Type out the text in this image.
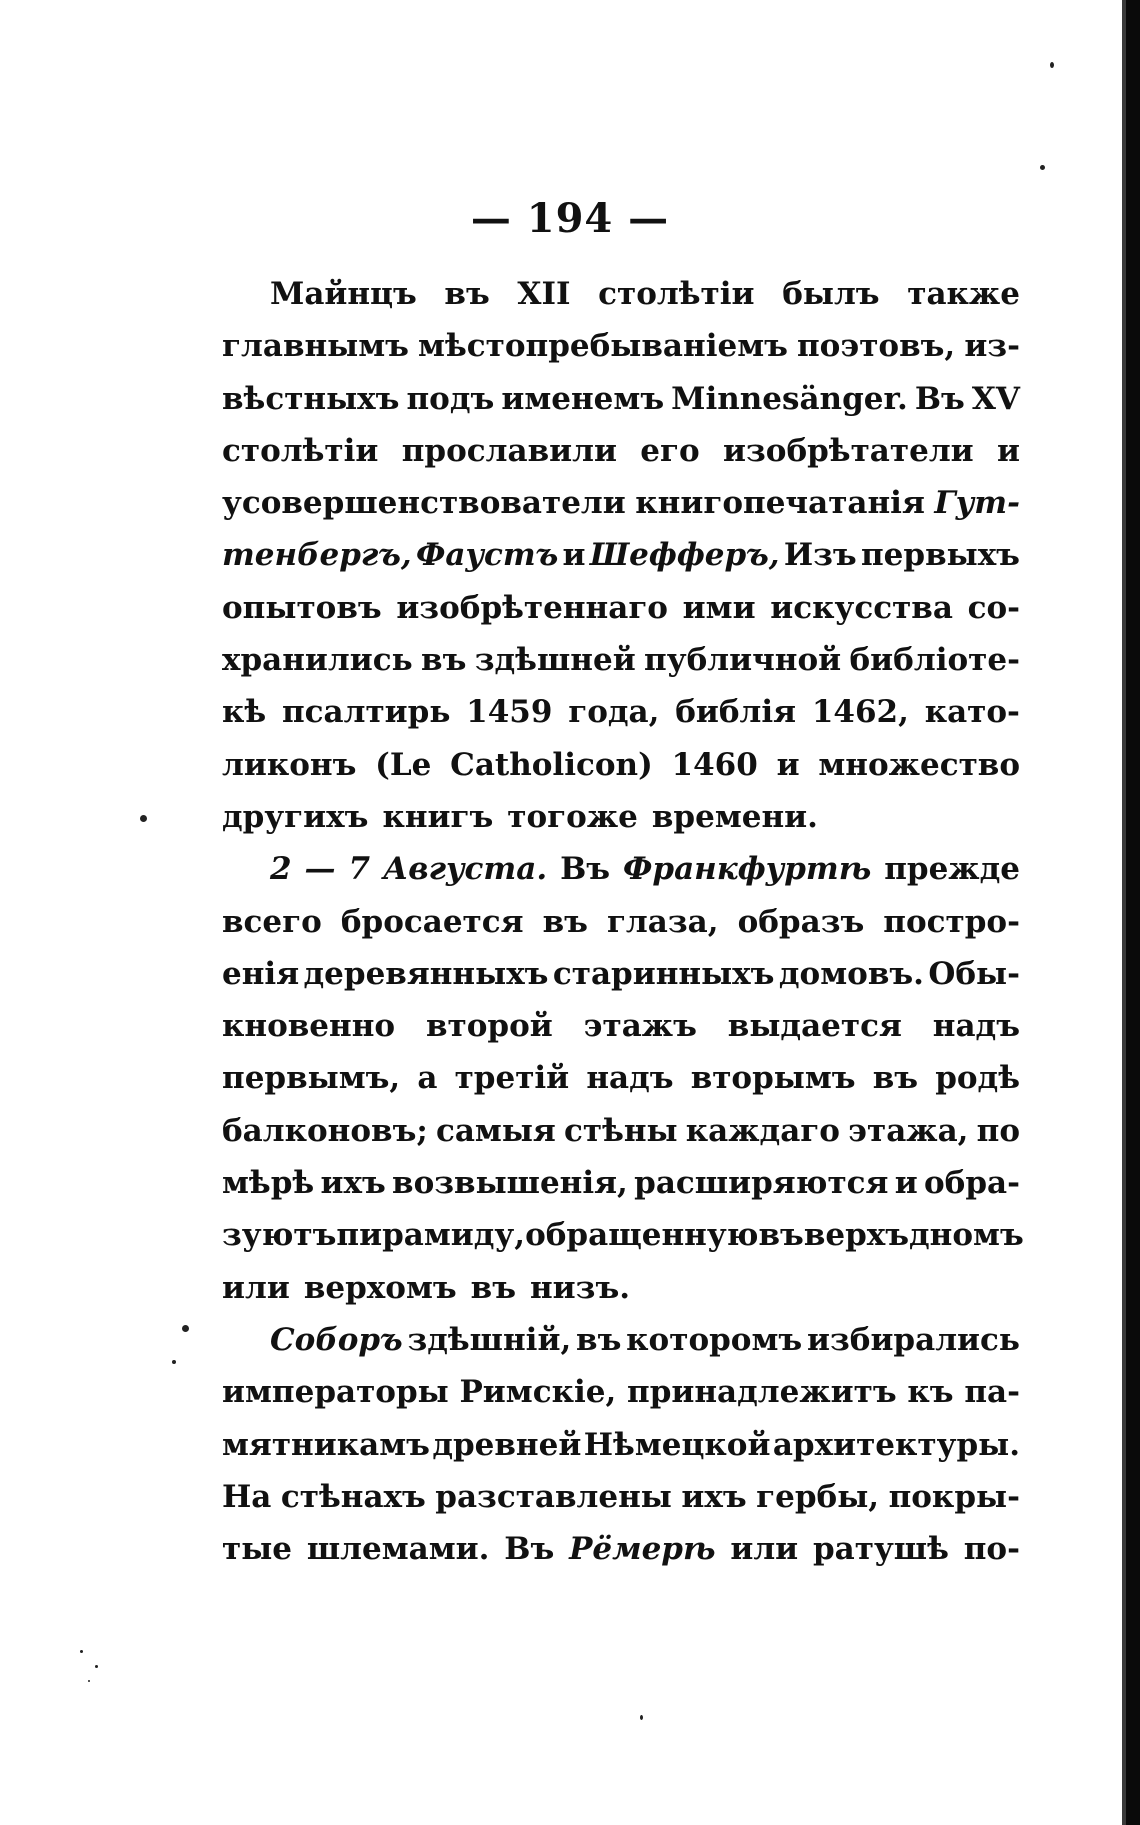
— 194 —
Майнцъ въ XII столѣтіи былъ также
главнымъ мѣстопребываніемъ поэтовъ, из-
вѣстныхъ подъ именемъ Minnesänger. Въ XV
столѣтіи прославили его изобрѣтатели и
усовершенствователи книгопечатанія Гут-
тенбергъ, Фаустъ и Шефферъ, Изъ первыхъ
опытовъ изобрѣтеннаго ими искусства со-
хранились въ здѣшней публичной библіоте-
кѣ псалтирь 1459 года, библія 1462, като-
ликонъ (Le Catholicon) 1460 и множество
другихъ книгъ тогоже времени.
2 — 7 Августа. Въ Франкфуртѣ прежде
всего бросается въ глаза, образъ постро-
енія деревянныхъ старинныхъ домовъ. Обы-
кновенно второй этажъ выдается надъ
первымъ, а третій надъ вторымъ въ родѣ
балконовъ; самыя стѣны каждаго этажа, по
мѣрѣ ихъ возвышенія, расширяются и обра-
зуютъ пирамиду, обращенную въ верхъ дномъ
или верхомъ въ низъ.
Соборъ здѣшній, въ которомъ избирались
императоры Римскіе, принадлежитъ къ па-
мятникамъ древней Нѣмецкой архитектуры.
На стѣнахъ разставлены ихъ гербы, покры-
тые шлемами. Въ Рёмерѣ или ратушѣ по-
